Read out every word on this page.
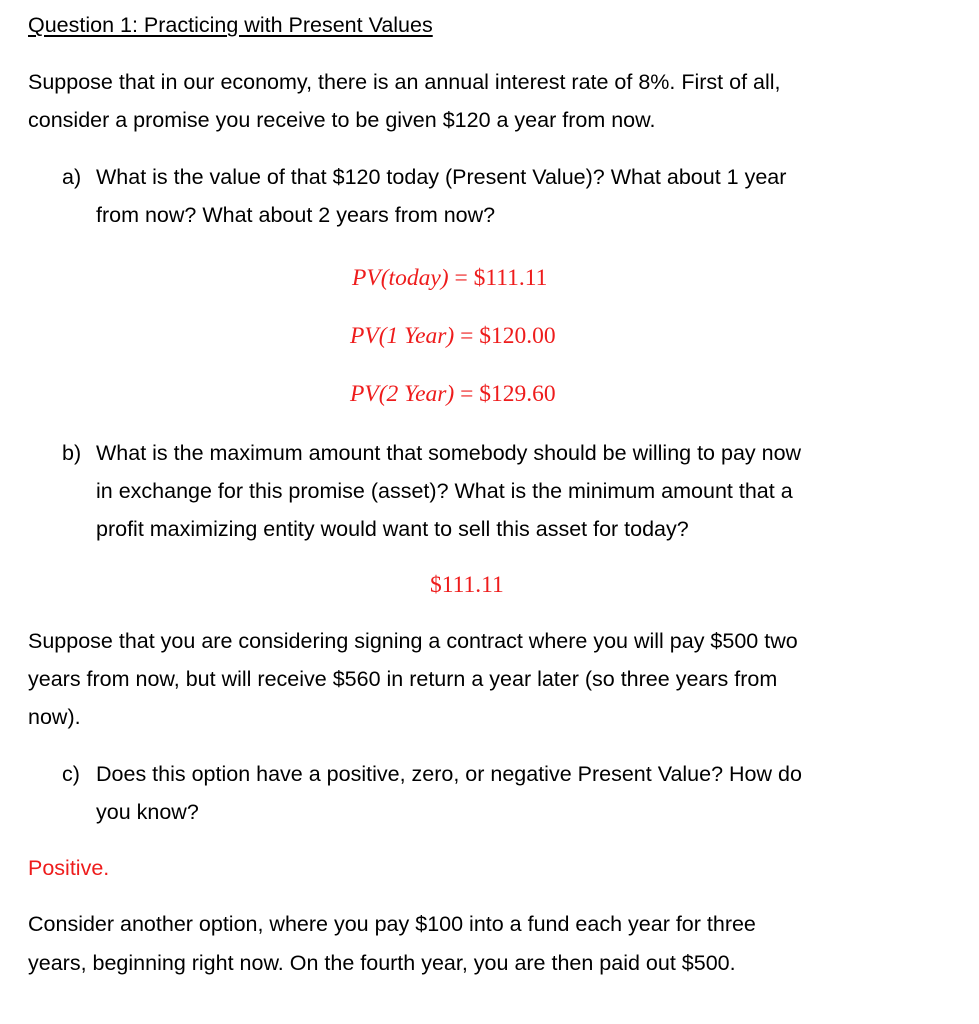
Question 1: Practicing with Present Values
Suppose that in our economy, there is an annual interest rate of 8%. First of all,
consider a promise you receive to be given $120 a year from now.
a) What is the value of that $120 today (Present Value)? What about 1 year
from now? What about 2 years from now?
PV(today) = $111.11
PV(1 Year) = $120.00
PV(2 Year) = $129.60
b) What is the maximum amount that somebody should be willing to pay now
in exchange for this promise (asset)? What is the minimum amount that a
profit maximizing entity would want to sell this asset for today?
$111.11
Suppose that you are considering signing a contract where you will pay $500 two
years from now, but will receive $560 in return a year later (so three years from
now).
c) Does this option have a positive, zero, or negative Present Value? How do
you know?
Positive.
Consider another option, where you pay $100 into a fund each year for three
years, beginning right now. On the fourth year, you are then paid out $500.
